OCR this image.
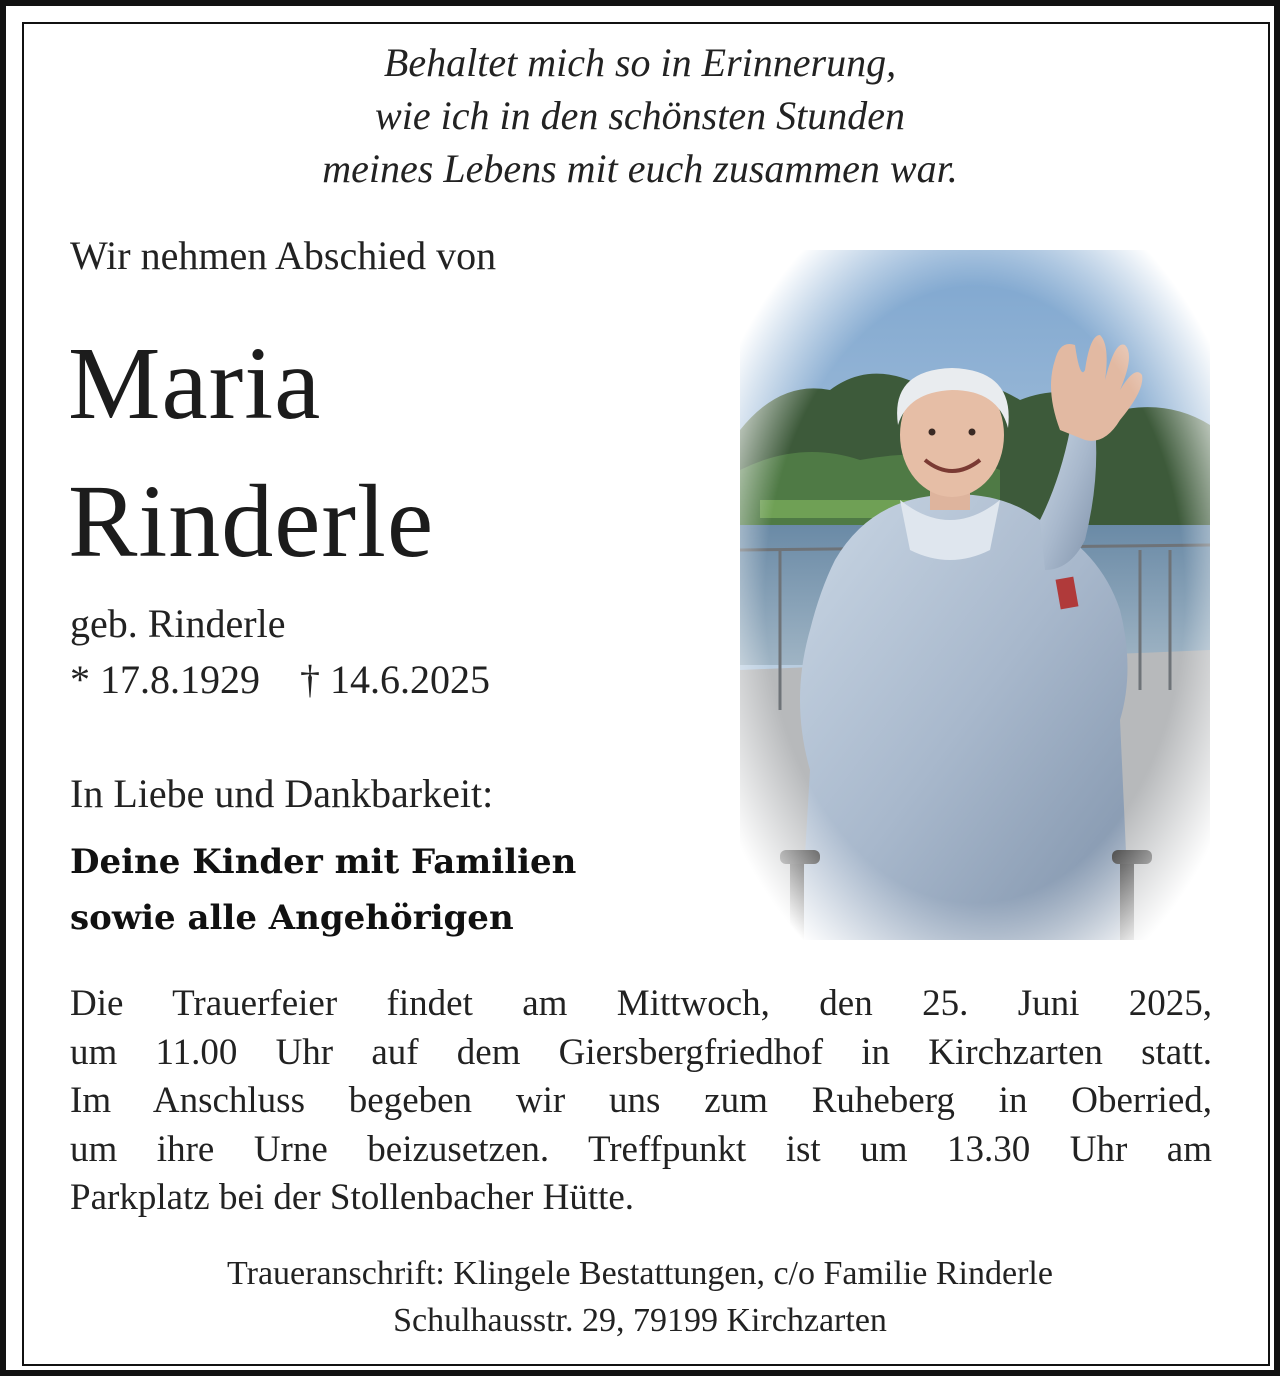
Behaltet mich so in Erinnerung,
wie ich in den schönsten Stunden
meines Lebens mit euch zusammen war.
Wir nehmen Abschied von
Maria
Rinderle
geb. Rinderle
* 17.8.1929 † 14.6.2025
In Liebe und Dankbarkeit:
Deine Kinder mit Familien
sowie alle Angehörigen
Die Trauerfeier findet am Mittwoch, den 25. Juni 2025,
um 11.00 Uhr auf dem Giersbergfriedhof in Kirchzarten statt.
Im Anschluss begeben wir uns zum Ruheberg in Oberried,
um ihre Urne beizusetzen. Treffpunkt ist um 13.30 Uhr am
Parkplatz bei der Stollenbacher Hütte.
Traueranschrift: Klingele Bestattungen, c/o Familie Rinderle
Schulhausstr. 29, 79199 Kirchzarten
